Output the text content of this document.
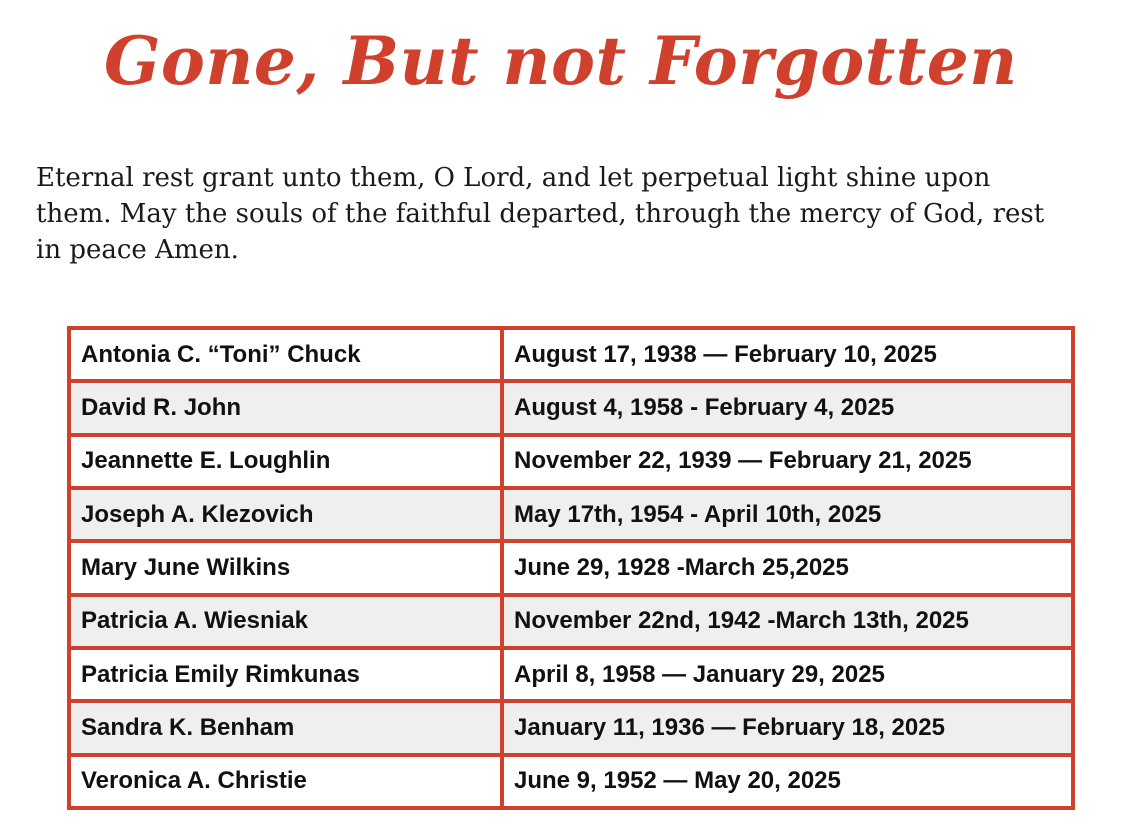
Gone, But not Forgotten

Eternal rest grant unto them, O Lord, and let perpetual light shine upon them. May the souls of the faithful departed, through the mercy of God, rest in peace Amen.

Antonia C. “Toni” Chuck	August 17, 1938 — February 10, 2025
David R. John	August 4, 1958 - February 4, 2025
Jeannette E. Loughlin	November 22, 1939 — February 21, 2025
Joseph A. Klezovich	May 17th, 1954 - April 10th, 2025
Mary June Wilkins	June 29, 1928 -March 25,2025
Patricia A. Wiesniak	November 22nd, 1942 -March 13th, 2025
Patricia Emily Rimkunas	April 8, 1958 — January 29, 2025
Sandra K. Benham	January 11, 1936 — February 18, 2025
Veronica A. Christie	June 9, 1952 — May 20, 2025
